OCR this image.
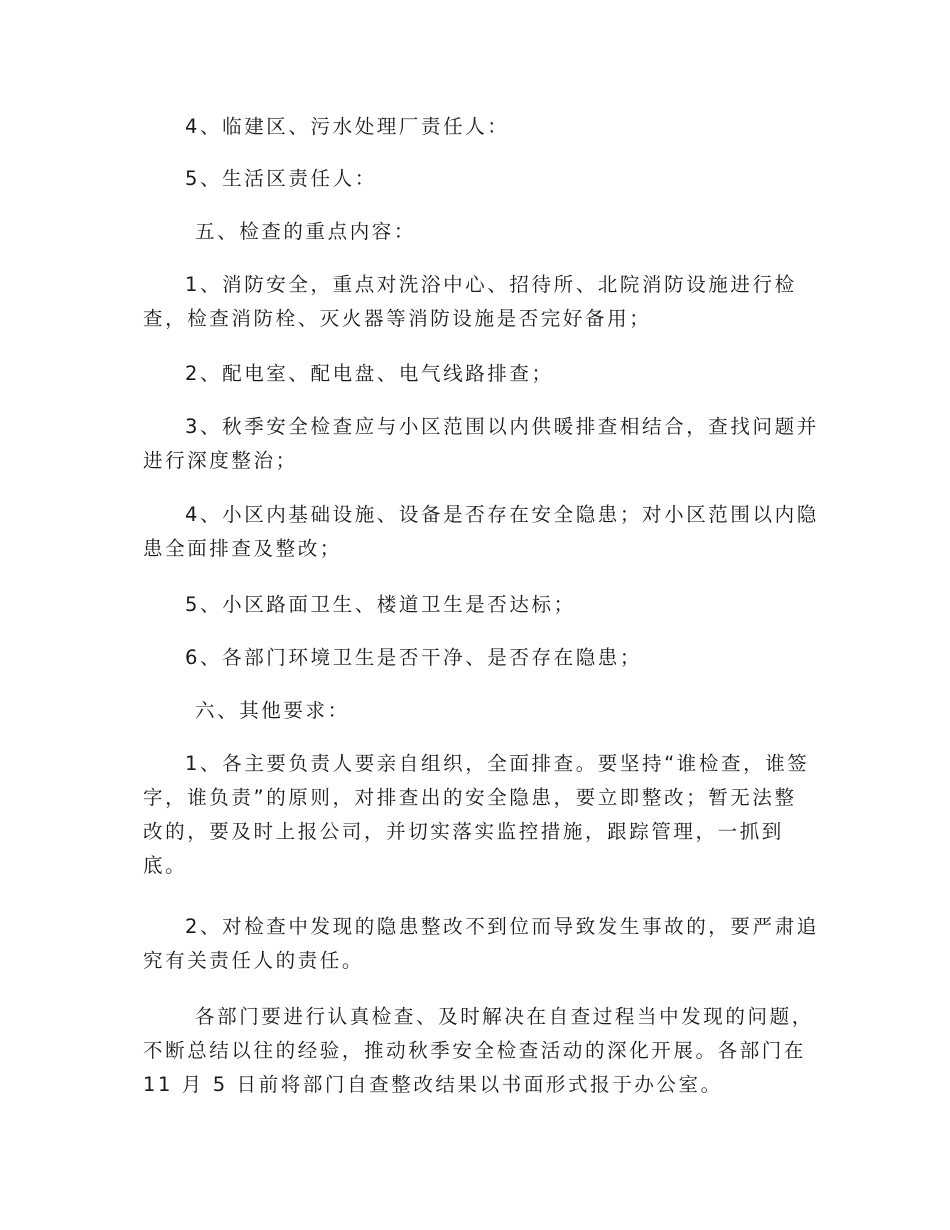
4、临建区、污水处理厂责任人：

5、生活区责任人：

五、检查的重点内容：

1、消防安全，重点对洗浴中心、招待所、北院消防设施进行检
查，检查消防栓、灭火器等消防设施是否完好备用；

2、配电室、配电盘、电气线路排查；

3、秋季安全检查应与小区范围以内供暖排查相结合，查找问题并
进行深度整治；

4、小区内基础设施、设备是否存在安全隐患；对小区范围以内隐
患全面排查及整改；

5、小区路面卫生、楼道卫生是否达标；

6、各部门环境卫生是否干净、是否存在隐患；

六、其他要求：

1、各主要负责人要亲自组织，全面排查。要坚持“谁检查，谁签
字，谁负责”的原则，对排查出的安全隐患，要立即整改；暂无法整
改的，要及时上报公司，并切实落实监控措施，跟踪管理，一抓到
底。

2、对检查中发现的隐患整改不到位而导致发生事故的，要严肃追
究有关责任人的责任。

各部门要进行认真检查、及时解决在自查过程当中发现的问题，
不断总结以往的经验，推动秋季安全检查活动的深化开展。各部门在
11 月 5 日前将部门自查整改结果以书面形式报于办公室。
